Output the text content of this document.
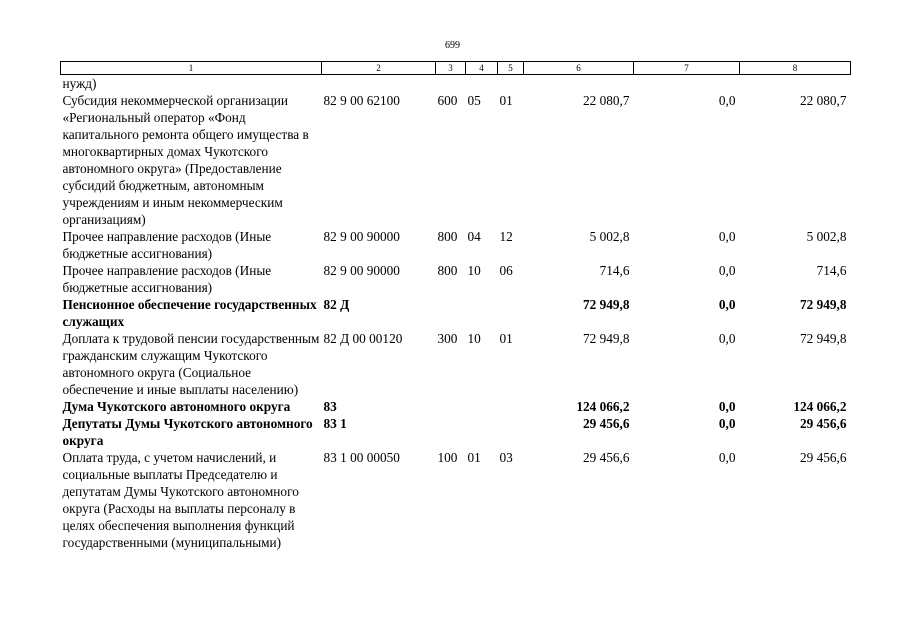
699
1	2	3	4	5	6	7	8
нужд)							
Субсидия некоммерческой организации «Региональный оператор «Фонд капитального ремонта общего имущества в многоквартирных домах Чукотского автономного округа» (Предоставление субсидий бюджетным, автономным учреждениям и иным некоммерческим организациям)	82 9 00 62100	600	05	01	22 080,7	0,0	22 080,7
Прочее направление расходов (Иные бюджетные ассигнования)	82 9 00 90000	800	04	12	5 002,8	0,0	5 002,8
Прочее направление расходов (Иные бюджетные ассигнования)	82 9 00 90000	800	10	06	714,6	0,0	714,6
Пенсионное обеспечение государственных служащих	82 Д				72 949,8	0,0	72 949,8
Доплата к трудовой пенсии государственным гражданским служащим Чукотского автономного округа (Социальное обеспечение и иные выплаты населению)	82 Д 00 00120	300	10	01	72 949,8	0,0	72 949,8
Дума Чукотского автономного округа	83				124 066,2	0,0	124 066,2
Депутаты Думы Чукотского автономного округа	83 1				29 456,6	0,0	29 456,6
Оплата труда, с учетом начислений, и социальные выплаты Председателю и депутатам Думы Чукотского автономного округа (Расходы на выплаты персоналу в целях обеспечения выполнения функций государственными (муниципальными)	83 1 00 00050	100	01	03	29 456,6	0,0	29 456,6
